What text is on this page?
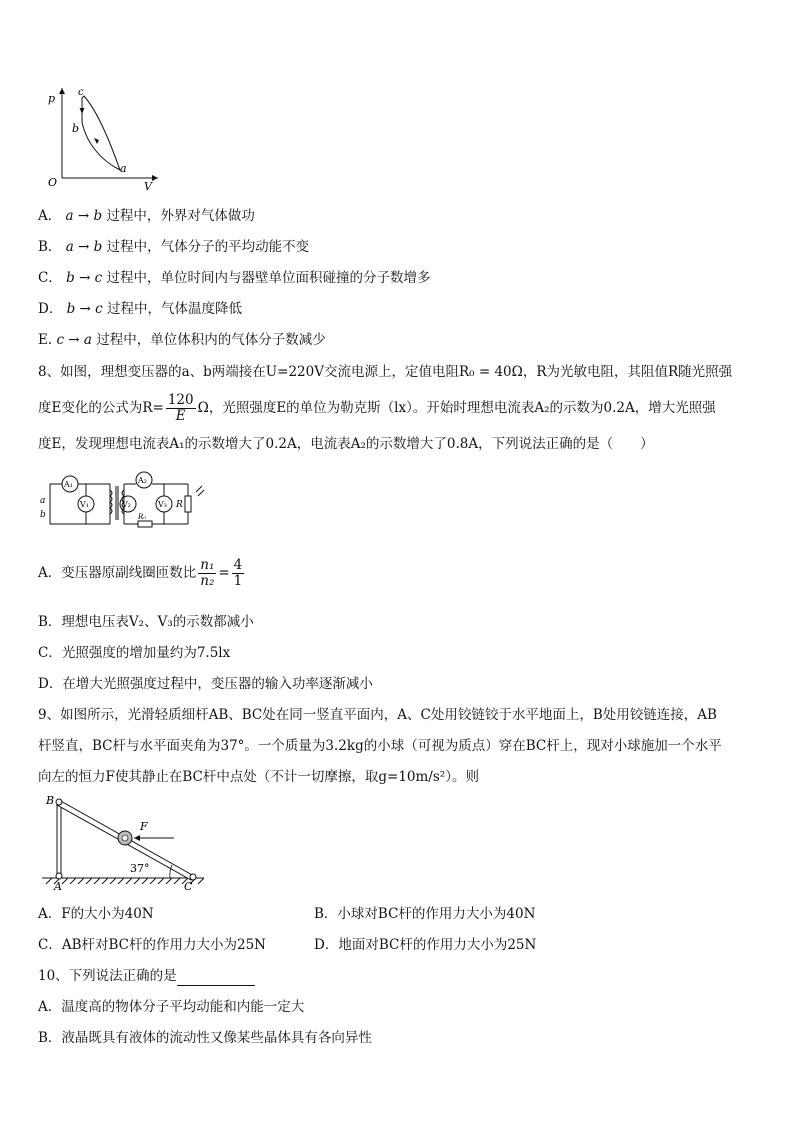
p
V
O
a
b
c
A． a → b 过程中，外界对气体做功
B． a → b 过程中，气体分子的平均动能不变
C． b → c 过程中，单位时间内与器壁单位面积碰撞的分子数增多
D． b → c 过程中，气体温度降低
E. c → a 过程中，单位体积内的气体分子数减少
8、如图，理想变压器的a、b两端接在U=220V交流电源上，定值电阻R₀ = 40Ω，R为光敏电阻，其阻值R随光照强
度E变化的公式为$R= \frac{120}{E}$ Ω，光照强度E的单位为勒克斯（lx）。开始时理想电流表A₂的示数为0.2A，增大光照强
度E，发现理想电流表A₁的示数增大了0.2A，电流表A₂的示数增大了0.8A，下列说法正确的是（　　）
a
b
A₁
V₁
A₂
V₂	V₃
R₀
R
A．变压器原副线圈匝数比 $\frac{\text{n₁}}{\text{n₂}} = \frac{4}{1}$
B．理想电压表V₂、V₃的示数都减小
C．光照强度的增加量约为7.5lx
D．在增大光照强度过程中，变压器的输入功率逐渐减小
9、如图所示，光滑轻质细杆AB、BC处在同一竖直平面内，A、C处用铰链铰于水平地面上，B处用铰链连接，AB
杆竖直，BC杆与水平面夹角为37°。一个质量为3.2kg的小球（可视为质点）穿在BC杆上，现对小球施加一个水平
向左的恒力F使其静止在BC杆中点处（不计一切摩擦，取g=10m/s²）。则
B
A	C
F
37°
A．F的大小为40N	B．小球对BC杆的作用力大小为40N
C．AB杆对BC杆的作用力大小为25N	D．地面对BC杆的作用力大小为25N
10、下列说法正确的是
A．温度高的物体分子平均动能和内能一定大
B．液晶既具有液体的流动性又像某些晶体具有各向异性
